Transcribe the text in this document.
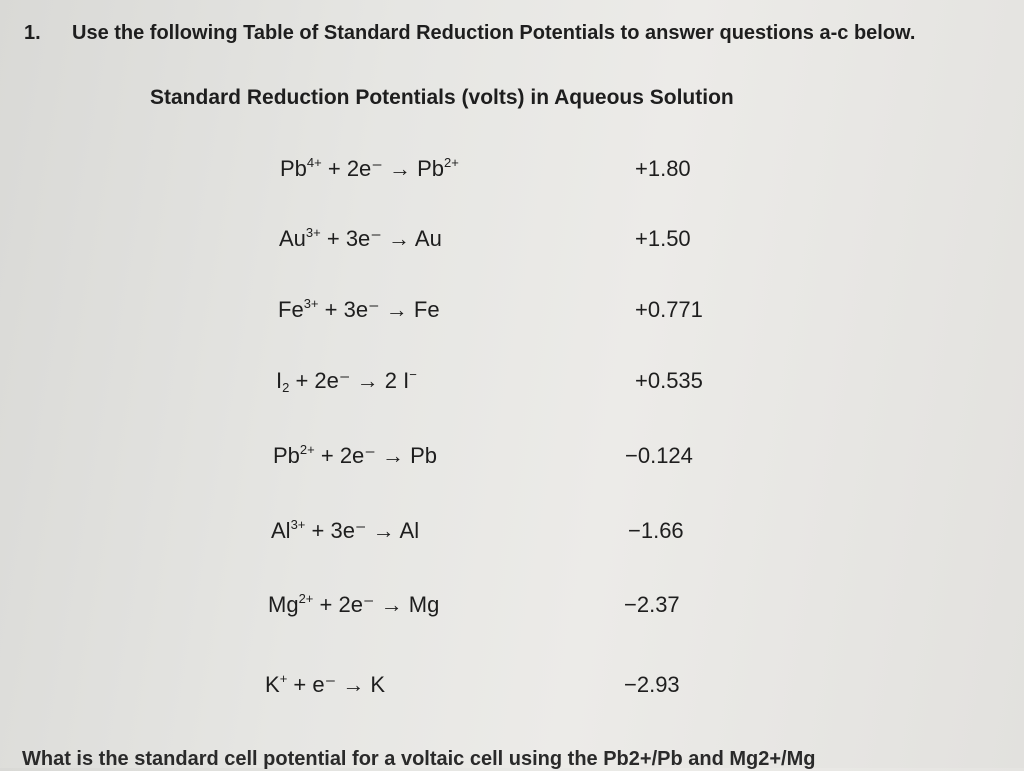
1. Use the following Table of Standard Reduction Potentials to answer questions a-c below.
Standard Reduction Potentials (volts) in Aqueous Solution
$Pb^{4+} + 2e^- \to Pb^{2+}$	+1.80
$Au^{3+} + 3e^- \to Au$	+1.50
$Fe^{3+} + 3e^- \to Fe$	+0.771
$I_2 + 2e^- \to 2$ I−	+0.535
$Pb^{2+} + 2e^- \to Pb$	−0.124
$Al^{3+} + 3e^- \to Al$	−1.66
$Mg^{2+} + 2e^- \to Mg$	−2.37
K+ + e⁻ → K	−2.93
What is the standard cell potential for a voltaic cell using the Pb2+/Pb and Mg2+/Mg
